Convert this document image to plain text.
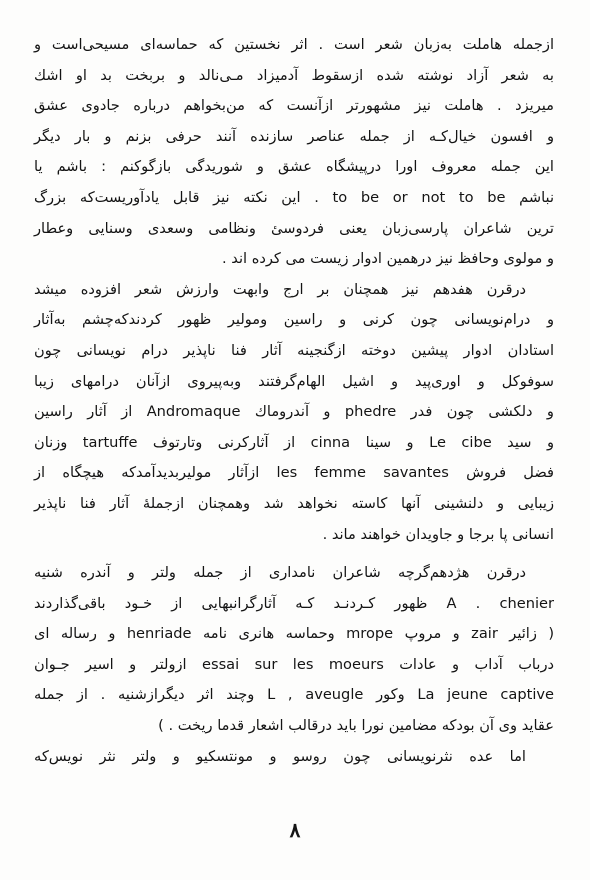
ازجمله هاملت به‌زبان شعر است . اثر نخستین که حماسه‌ای مسیحی‌است و
به شعر آزاد نوشته شده ازسقوط آدمیزاد مـی‌نالد و بربخت بد او اشك
میریزد . هاملت نیز مشهورتر ازآنست که من‌بخواهم درباره جادوی عشق
و افسون خیال‌کـه از جمله عناصر سازنده آنند حرفی بزنم و بار دیگر
این جمله معروف اورا درپیشگاه عشق و شوریدگی بازگوکنم : باشم یا
نباشم to be or not to be . این نکته نیز قابل یادآوریست‌که بزرگ
ترین شاعران پارسی‌زبان یعنی فردوسیٔ ونظامی وسعدی وسنایی وعطار
و مولوی وحافظ نیز درهمین ادوار زیست می کرده اند .
درقرن هفدهم نیز همچنان بر ارج وابهت وارزش شعر افزوده میشد
و درام‌نویسانی چون کرنی و راسین ومولیر ظهور کردندکه‌چشم به‌آثار
استادان ادوار پیشین دوخته ازگنجینه آثار فنا ناپذیر درام نویسانی چون
سوفوکل و اوری‌پید و اشیل الهام‌گرفتند وبه‌پیروی ازآنان درامهای زیبا
و دلکشی چون فدر phedre و آندروماك Andromaque از آثار راسین
و سید Le cibe و سینا cinna از آثارکرنی وتارتوف tartuffe وزنان
فضل فروش les femme savantes ازآثار مولیربدیدآمدکه هیچگاه از
زیبایی و دلنشینی آنها کاسته نخواهد شد وهمچنان ازجملهٔ آثار فنا ناپذیر
انسانی پا برجا و جاویدان خواهند ماند .
درقرن هژدهم‌گرچه شاعران نامداری از جمله ولتر و آندره شنیه
A . chenier ظهور کـردنـد کـه آثارگرانبهایی از خـود باقی‌گذاردند
( زائیر zair و مروپ mrope وحماسه هانری نامه henriade و رساله ای
درباب آداب و عادات essai sur les moeurs ازولتر و اسیر جـوان
La jeune captive وکور L , aveugle وچند اثر دیگرازشنیه . از جمله
عقاید وی آن بودکه مضامین نورا باید درقالب اشعار قدما ریخت . )
اما عده نثرنویسانی چون روسو و مونتسکیو و ولتر نثر نویس‌که
۸
